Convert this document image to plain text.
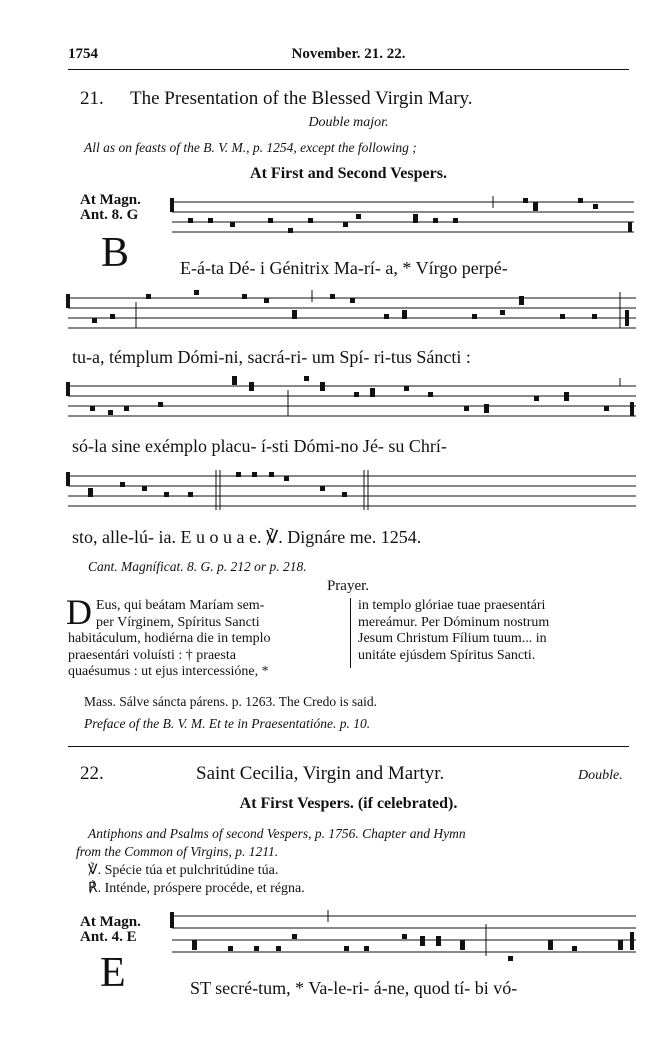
1754	November. 21. 22.
21. The Presentation of the Blessed Virgin Mary.
Double major.
All as on feasts of the B. V. M., p. 1254, except the following ;
At First and Second Vespers.
At Magn.
Ant. 8. G
B	E-á-ta Dé- i Génitrix Ma-rí- a, * Vírgo perpé-
tu-a, témplum Dómi-ni, sacrá-ri- um Spí- ri-tus Sáncti :
só-la sine exémplo placu- í-sti Dómi-no Jé- su Chrí-
sto, alle-lú- ia. E u o u a e. ℣. Dignáre me. 1254.
Cant. Magníficat. 8. G. p. 212 or p. 218.
Prayer.
D Eus, qui beátam Maríam sem-
per Vírginem, Spíritus Sancti
habitáculum, hodiérna die in templo
praesentári voluísti : † praesta
quaésumus : ut ejus intercessióne, *
in templo glóriae tuae praesentári
mereámur. Per Dóminum nostrum
Jesum Christum Fílium tuum... in
unitáte ejúsdem Spíritus Sancti.
Mass. Sálve sáncta párens. p. 1263. The Credo is said.
Preface of the B. V. M. Et te in Praesentatióne. p. 10.
22.	Saint Cecilia, Virgin and Martyr.	Double.
At First Vespers. (if celebrated).
Antiphons and Psalms of second Vespers, p. 1756. Chapter and Hymn
from the Common of Virgins, p. 1211.
℣. Spécie túa et pulchritúdine túa.
℟. Inténde, próspere procéde, et régna.
At Magn.
Ant. 4. E
E	ST secré-tum, * Va-le-ri- á-ne, quod tí- bi vó-
